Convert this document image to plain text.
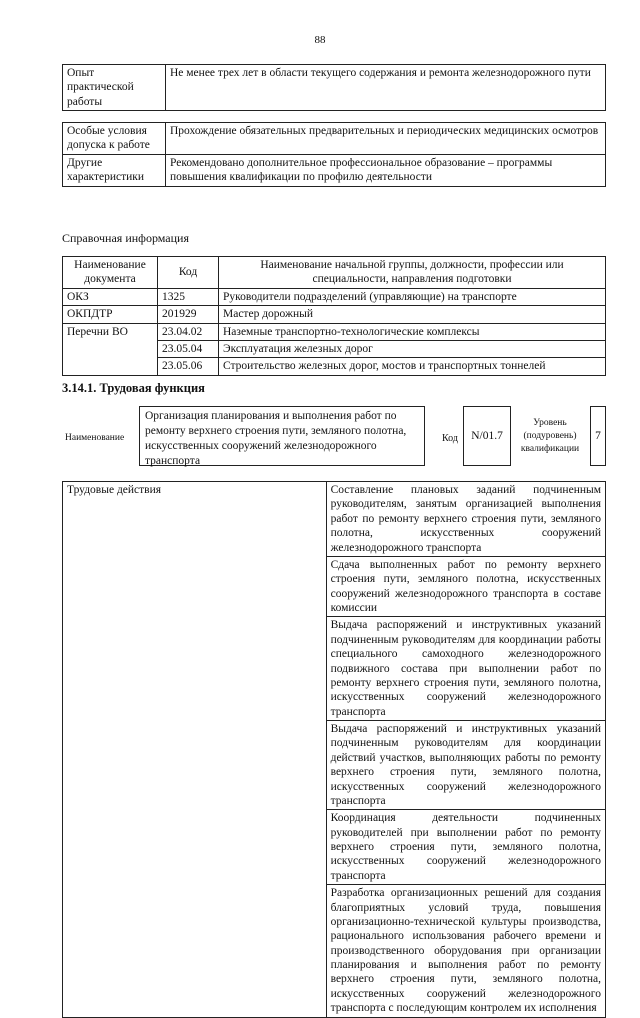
88
Опыт практической работы	Не менее трех лет в области текущего содержания и ремонта железнодорожного пути
Особые условия допуска к работе	Прохождение обязательных предварительных и периодических медицинских осмотров
Другие характеристики	Рекомендовано дополнительное профессиональное образование – программы повышения квалификации по профилю деятельности
Справочная информация
Наименование документа	Код	Наименование начальной группы, должности, профессии или специальности, направления подготовки
ОКЗ	1325	Руководители подразделений (управляющие) на транспорте
ОКПДТР	201929	Мастер дорожный
Перечни ВО	23.04.02	Наземные транспортно-технологические комплексы
	23.05.04	Эксплуатация железных дорог
	23.05.06	Строительство железных дорог, мостов и транспортных тоннелей
3.14.1. Трудовая функция
Наименование
Организация планирования и выполнения работ по ремонту верхнего строения пути, земляного полотна, искусственных сооружений железнодорожного транспорта
Код	N/01.7
Уровень (подуровень) квалификации
7
Трудовые действия	Составление плановых заданий подчиненным руководителям, занятым организацией выполнения работ по ремонту верхнего строения пути, земляного полотна, искусственных сооружений железнодорожного транспорта
Сдача выполненных работ по ремонту верхнего строения пути, земляного полотна, искусственных сооружений железнодорожного транспорта в составе комиссии
Выдача распоряжений и инструктивных указаний подчиненным руководителям для координации работы специального самоходного железнодорожного подвижного состава при выполнении работ по ремонту верхнего строения пути, земляного полотна, искусственных сооружений железнодорожного транспорта
Выдача распоряжений и инструктивных указаний подчиненным руководителям для координации действий участков, выполняющих работы по ремонту верхнего строения пути, земляного полотна, искусственных сооружений железнодорожного транспорта
Координация деятельности подчиненных руководителей при выполнении работ по ремонту верхнего строения пути, земляного полотна, искусственных сооружений железнодорожного транспорта
Разработка организационных решений для создания благоприятных условий труда, повышения организационно-технической культуры производства, рационального использования рабочего времени и производственного оборудования при организации планирования и выполнения работ по ремонту верхнего строения пути, земляного полотна, искусственных сооружений железнодорожного транспорта с последующим контролем их исполнения
